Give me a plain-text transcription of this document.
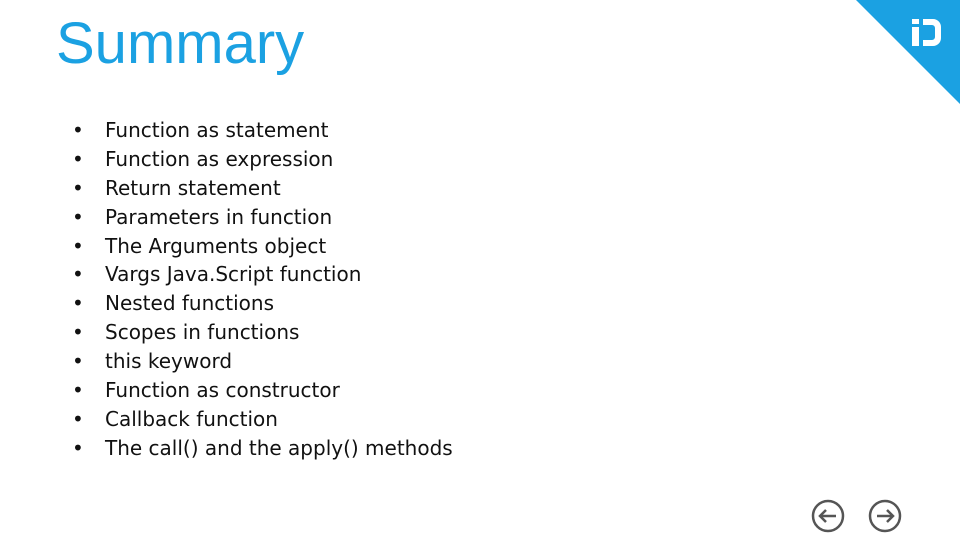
Summary
• Function as statement
• Function as expression
• Return statement
• Parameters in function
• The Arguments object
• Vargs Java.Script function
• Nested functions
• Scopes in functions
• this keyword
• Function as constructor
• Callback function
• The call() and the apply() methods
